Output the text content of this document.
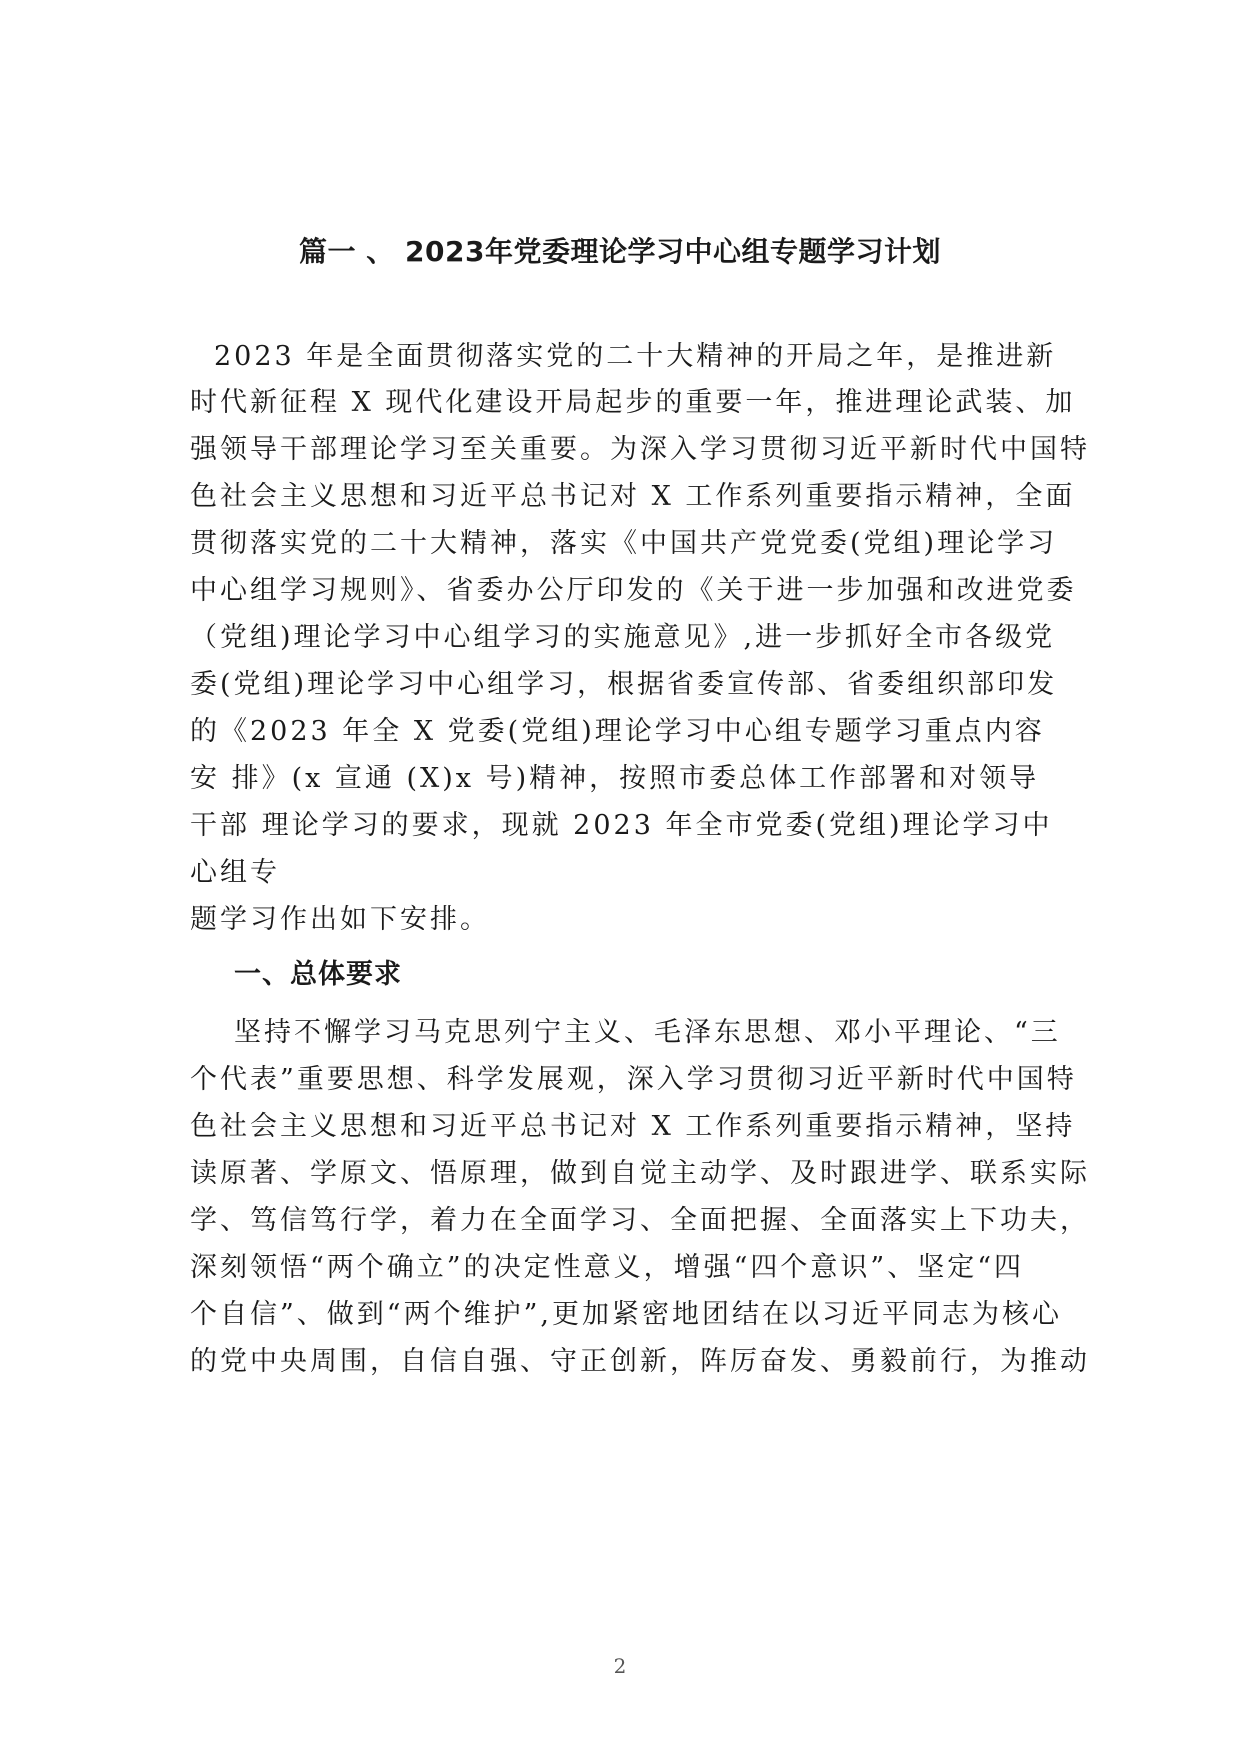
篇一 、 2023年党委理论学习中心组专题学习计划

2023 年是全面贯彻落实党的二十大精神的开局之年，是推进新

时代新征程 X 现代化建设开局起步的重要一年，推进理论武装、加

强领导干部理论学习至关重要。为深入学习贯彻习近平新时代中国特

色社会主义思想和习近平总书记对 X 工作系列重要指示精神，全面

贯彻落实党的二十大精神，落实《中国共产党党委(党组)理论学习

中心组学习规则》、省委办公厅印发的《关于进一步加强和改进党委

（党组)理论学习中心组学习的实施意见》,进一步抓好全市各级党

委(党组)理论学习中心组学习，根据省委宣传部、省委组织部印发

的《2023 年全 X 党委(党组)理论学习中心组专题学习重点内容

安 排》(x 宣通 (X)x 号)精神，按照市委总体工作部署和对领导

干部 理论学习的要求，现就 2023 年全市党委(党组)理论学习中

心组专

题学习作出如下安排。

一、总体要求

坚持不懈学习马克思列宁主义、毛泽东思想、邓小平理论、“三

个代表”重要思想、科学发展观，深入学习贯彻习近平新时代中国特

色社会主义思想和习近平总书记对 X 工作系列重要指示精神，坚持

读原著、学原文、悟原理，做到自觉主动学、及时跟进学、联系实际

学、笃信笃行学，着力在全面学习、全面把握、全面落实上下功夫，

深刻领悟“两个确立”的决定性意义，增强“四个意识”、坚定“四

个自信”、做到“两个维护”,更加紧密地团结在以习近平同志为核心

的党中央周围，自信自强、守正创新，阵厉奋发、勇毅前行，为推动

2
